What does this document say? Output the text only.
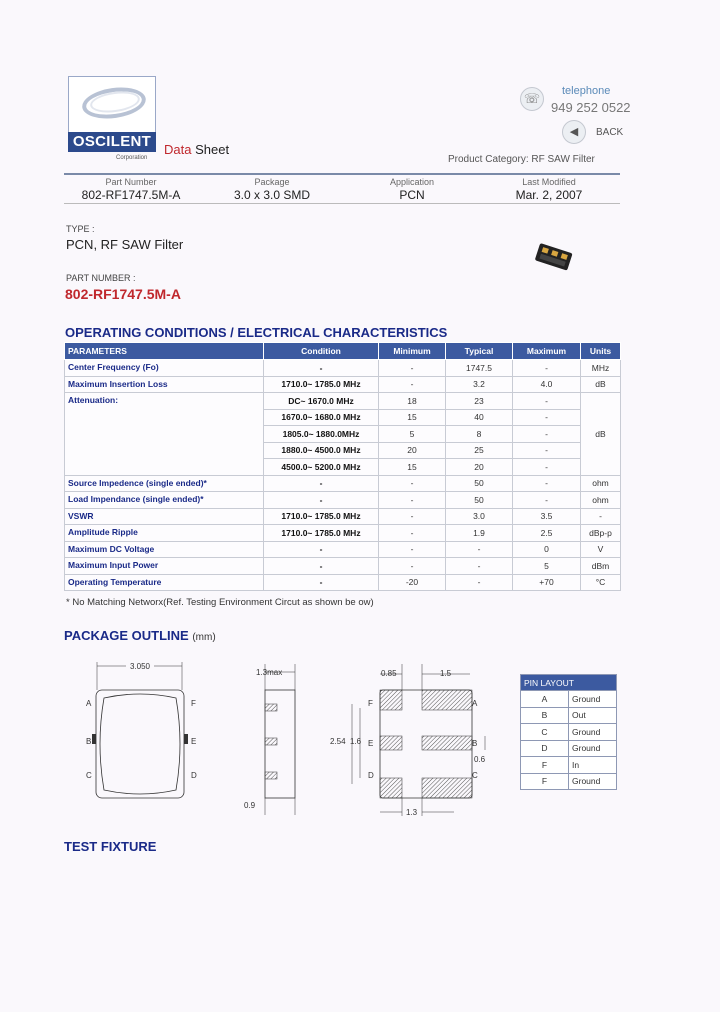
OSCILENT
Corporation
Data Sheet
☏	telephone
949 252 0522
◀	BACK
Product Category: RF SAW Filter
Part Number
802-RF1747.5M-A
Package
3.0 x 3.0 SMD
Application
PCN
Last Modified
Mar. 2, 2007
TYPE :
PCN, RF SAW Filter
PART NUMBER :
802-RF1747.5M-A
OPERATING CONDITIONS / ELECTRICAL CHARACTERISTICS
PARAMETERS	Condition	Minimum	Typical	Maximum	Units
Center Frequency (Fo)	-	-	1747.5	-	MHz
Maximum Insertion Loss	1710.0~ 1785.0 MHz	-	3.2	4.0	dB
Attenuation:	DC~ 1670.0 MHz	18	23	-	dB
	1670.0~ 1680.0 MHz	15	40	-	
	1805.0~ 1880.0MHz	5	8	-	
	1880.0~ 4500.0 MHz	20	25	-	
	4500.0~ 5200.0 MHz	15	20	-	
Source Impedence (single ended)*	-	-	50	-	ohm
Load Impendance (single ended)*	-	-	50	-	ohm
VSWR	1710.0~ 1785.0 MHz	-	3.0	3.5	-
Amplitude Ripple	1710.0~ 1785.0 MHz	-	1.9	2.5	dBp-p
Maximum DC Voltage	-	-	-	0	V
Maximum Input Power	-	-	-	5	dBm
Operating Temperature	-	-20	-	+70	°C
* No Matching Networx(Ref. Testing Environment Circut as shown be ow)
PACKAGE OUTLINE (mm)
3.050
A
B
C	D
E
F
1.3max
0.9
0.85	1.5
2.54 1.6
F
E
D
A
B
C
0.6
1.3
PIN LAYOUT	
A	Ground
B	Out
C	Ground
D	Ground
F	In
F	Ground
TEST FIXTURE
